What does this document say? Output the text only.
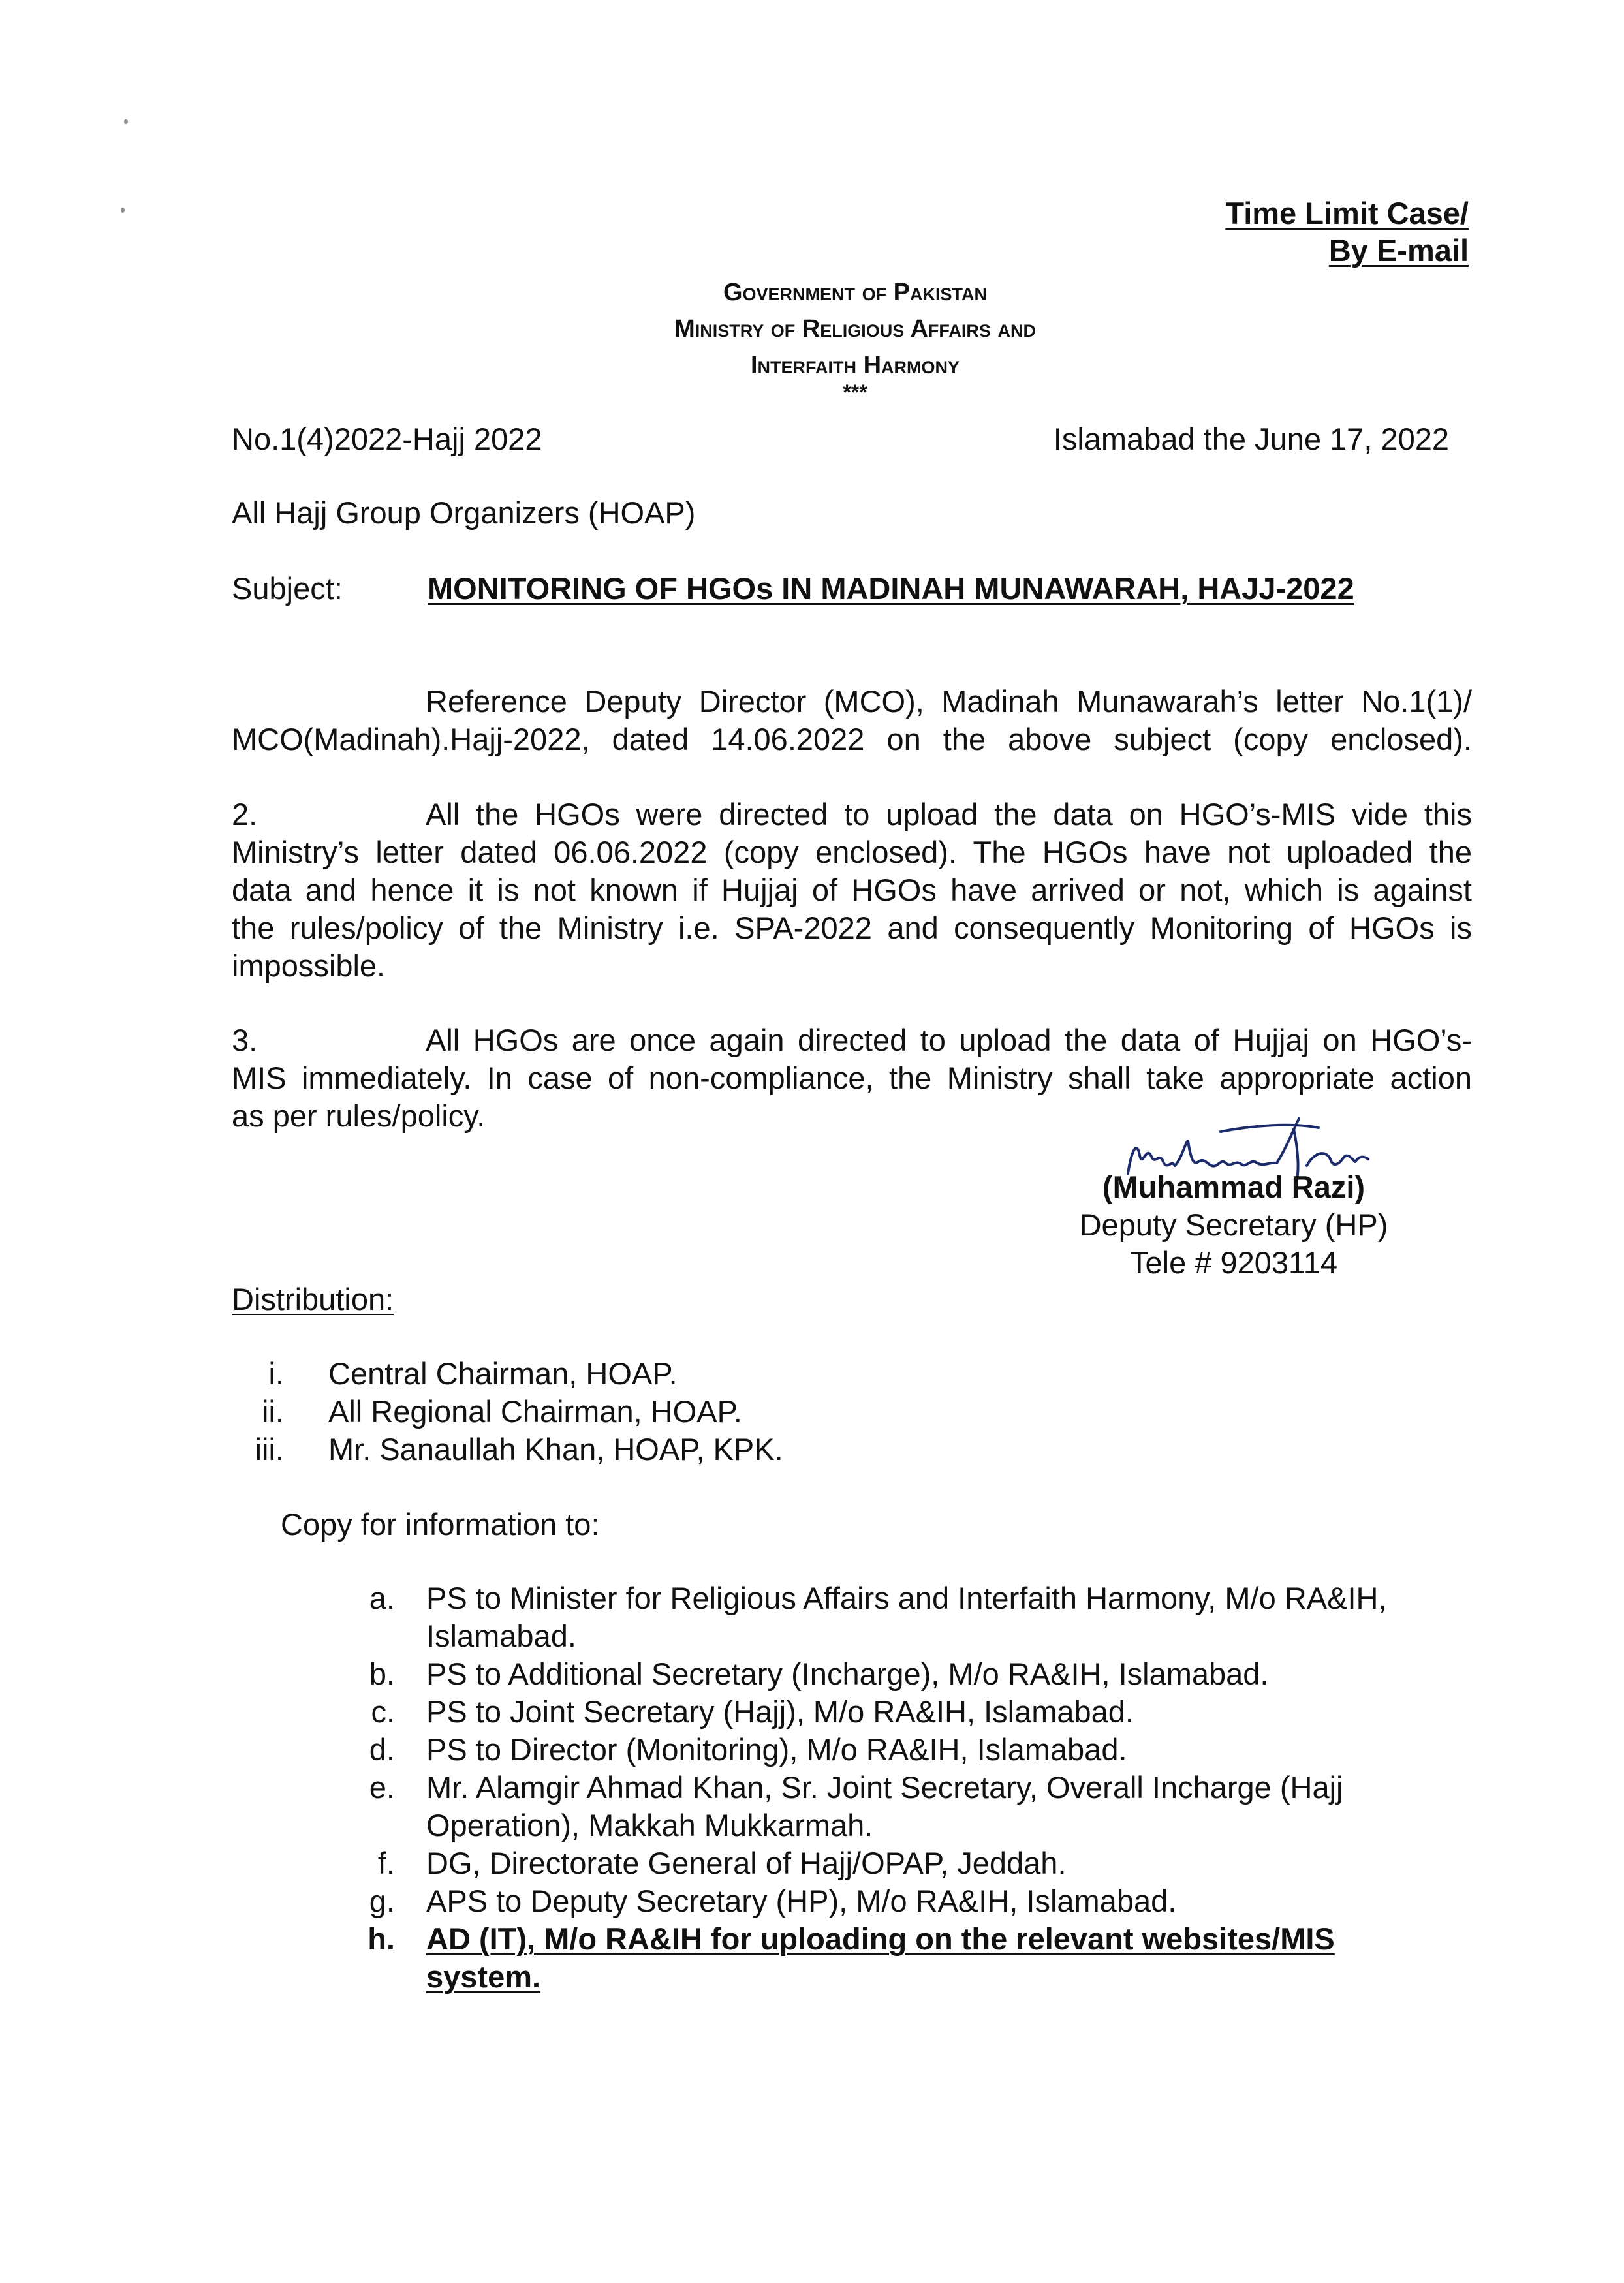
Time Limit Case/
By E-mail
Government of Pakistan
Ministry of Religious Affairs and
Interfaith Harmony
***
No.1(4)2022-Hajj 2022	Islamabad the June 17, 2022
All Hajj Group Organizers (HOAP)
Subject:	MONITORING OF HGOs IN MADINAH MUNAWARAH, HAJJ-2022
Reference Deputy Director (MCO), Madinah Munawarah’s letter No.1(1)/
MCO(Madinah).Hajj-2022, dated 14.06.2022 on the above subject (copy enclosed).
2.	All the HGOs were directed to upload the data on HGO’s-MIS vide this
Ministry’s letter dated 06.06.2022 (copy enclosed). The HGOs have not uploaded the
data and hence it is not known if Hujjaj of HGOs have arrived or not, which is against
the rules/policy of the Ministry i.e. SPA-2022 and consequently Monitoring of HGOs is
impossible.
3.	All HGOs are once again directed to upload the data of Hujjaj on HGO’s-
MIS immediately. In case of non-compliance, the Ministry shall take appropriate action
as per rules/policy.
(Muhammad Razi)
Deputy Secretary (HP)
Tele # 9203114
Distribution:
i. Central Chairman, HOAP.
ii. All Regional Chairman, HOAP.
iii. Mr. Sanaullah Khan, HOAP, KPK.
Copy for information to:
a. PS to Minister for Religious Affairs and Interfaith Harmony, M/o RA&IH,
Islamabad.
b. PS to Additional Secretary (Incharge), M/o RA&IH, Islamabad.
c. PS to Joint Secretary (Hajj), M/o RA&IH, Islamabad.
d. PS to Director (Monitoring), M/o RA&IH, Islamabad.
e. Mr. Alamgir Ahmad Khan, Sr. Joint Secretary, Overall Incharge (Hajj
Operation), Makkah Mukkarmah.
f. DG, Directorate General of Hajj/OPAP, Jeddah.
g. APS to Deputy Secretary (HP), M/o RA&IH, Islamabad.
h. AD (IT), M/o RA&IH for uploading on the relevant websites/MIS
system.
